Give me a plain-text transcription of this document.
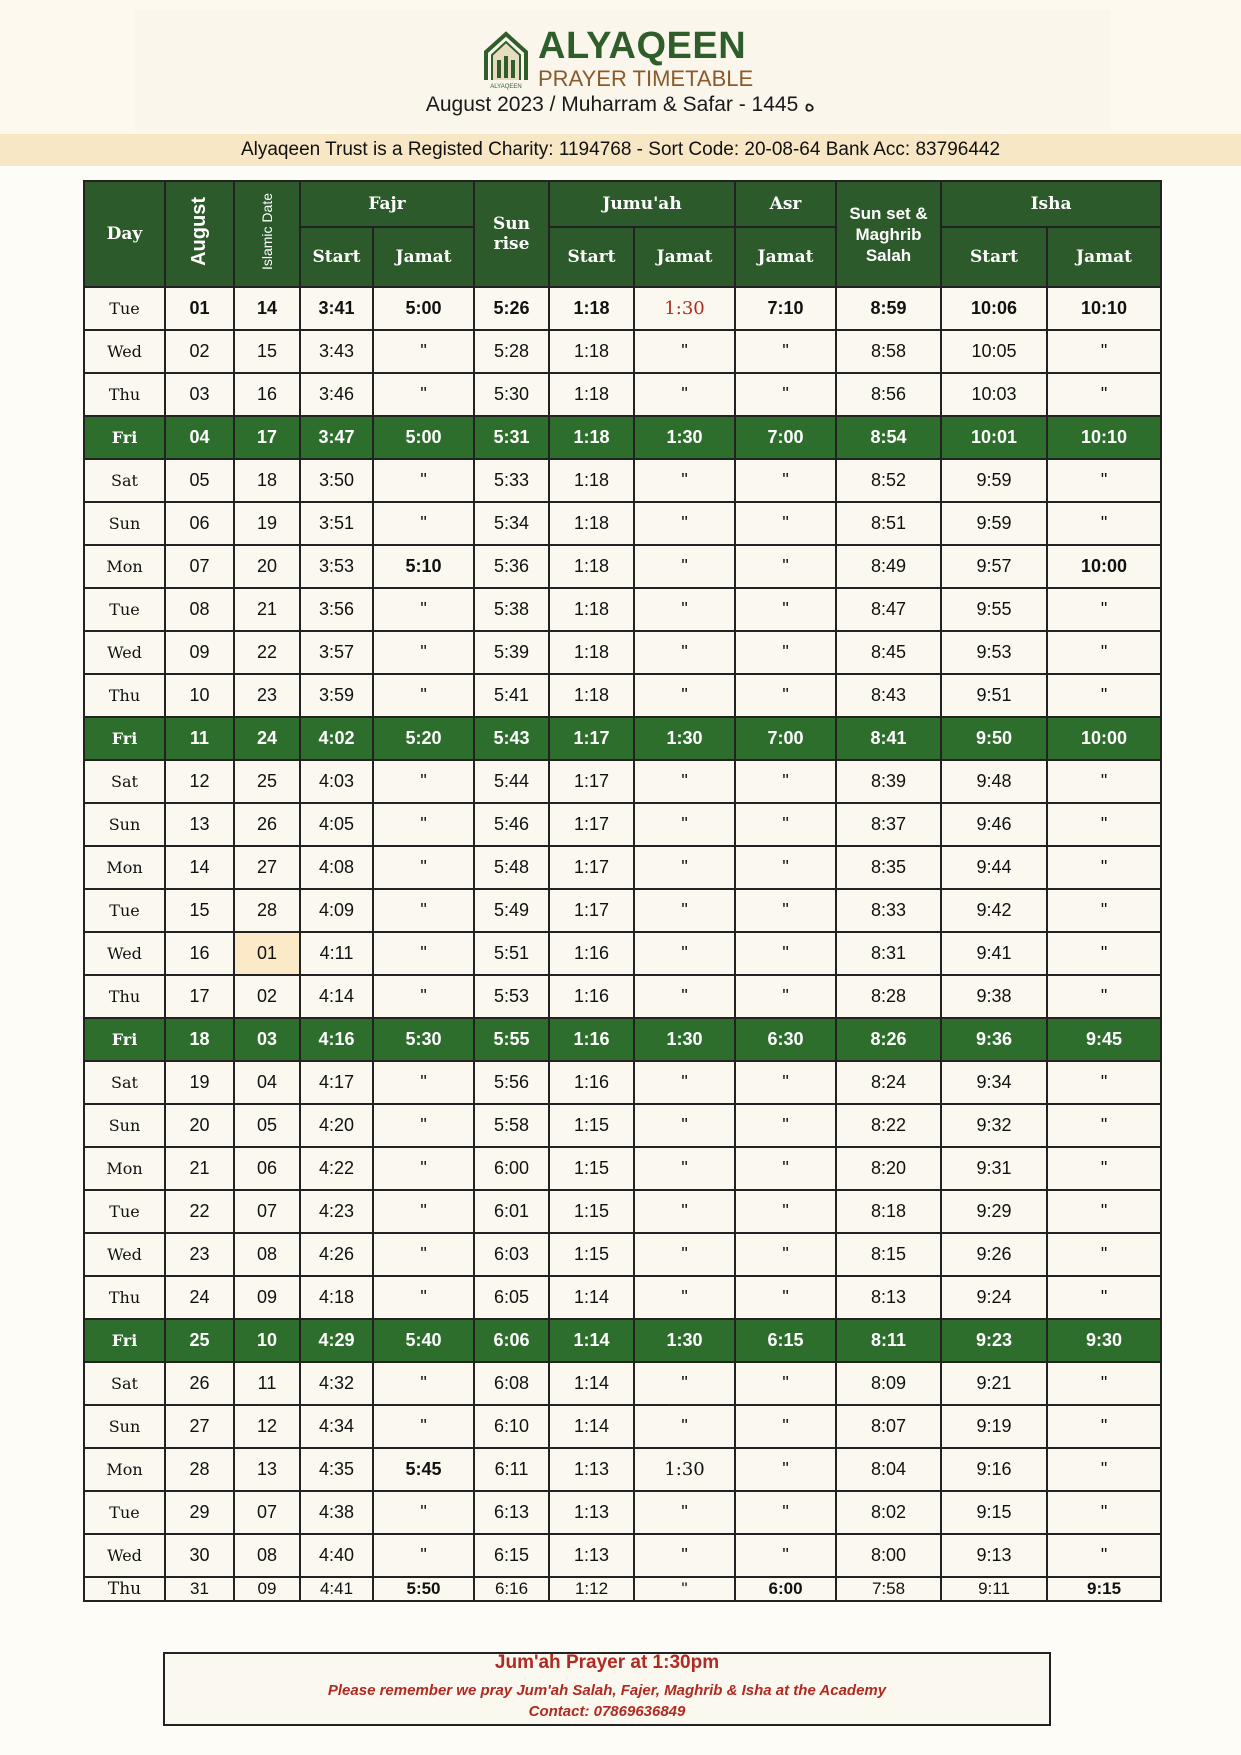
ALYAQEEN
ALYAQEEN
PRAYER TIMETABLE
August 2023 / Muharram & Safar - 1445 ه
Alyaqeen Trust is a Registed Charity: 1194768 - Sort Code: 20-08-64 Bank Acc: 83796442
Day	August	Islamic Date	Fajr		Sun rise	Jumu'ah		Asr	Sun set & Maghrib Salah	Isha	
			Start	Jamat		Start	Jamat	Jamat		Start	Jamat
Tue	01	14	3:41	5:00	5:26	1:18	1:30	7:10	8:59	10:06	10:10
Wed	02	15	3:43	"	5:28	1:18	"	"	8:58	10:05	"
Thu	03	16	3:46	"	5:30	1:18	"	"	8:56	10:03	"
Fri	04	17	3:47	5:00	5:31	1:18	1:30	7:00	8:54	10:01	10:10
Sat	05	18	3:50	"	5:33	1:18	"	"	8:52	9:59	"
Sun	06	19	3:51	"	5:34	1:18	"	"	8:51	9:59	"
Mon	07	20	3:53	5:10	5:36	1:18	"	"	8:49	9:57	10:00
Tue	08	21	3:56	"	5:38	1:18	"	"	8:47	9:55	"
Wed	09	22	3:57	"	5:39	1:18	"	"	8:45	9:53	"
Thu	10	23	3:59	"	5:41	1:18	"	"	8:43	9:51	"
Fri	11	24	4:02	5:20	5:43	1:17	1:30	7:00	8:41	9:50	10:00
Sat	12	25	4:03	"	5:44	1:17	"	"	8:39	9:48	"
Sun	13	26	4:05	"	5:46	1:17	"	"	8:37	9:46	"
Mon	14	27	4:08	"	5:48	1:17	"	"	8:35	9:44	"
Tue	15	28	4:09	"	5:49	1:17	"	"	8:33	9:42	"
Wed	16	01	4:11	"	5:51	1:16	"	"	8:31	9:41	"
Thu	17	02	4:14	"	5:53	1:16	"	"	8:28	9:38	"
Fri	18	03	4:16	5:30	5:55	1:16	1:30	6:30	8:26	9:36	9:45
Sat	19	04	4:17	"	5:56	1:16	"	"	8:24	9:34	"
Sun	20	05	4:20	"	5:58	1:15	"	"	8:22	9:32	"
Mon	21	06	4:22	"	6:00	1:15	"	"	8:20	9:31	"
Tue	22	07	4:23	"	6:01	1:15	"	"	8:18	9:29	"
Wed	23	08	4:26	"	6:03	1:15	"	"	8:15	9:26	"
Thu	24	09	4:18	"	6:05	1:14	"	"	8:13	9:24	"
Fri	25	10	4:29	5:40	6:06	1:14	1:30	6:15	8:11	9:23	9:30
Sat	26	11	4:32	"	6:08	1:14	"	"	8:09	9:21	"
Sun	27	12	4:34	"	6:10	1:14	"	"	8:07	9:19	"
Mon	28	13	4:35	5:45	6:11	1:13	1:30	"	8:04	9:16	"
Tue	29	07	4:38	"	6:13	1:13	"	"	8:02	9:15	"
Wed	30	08	4:40	"	6:15	1:13	"	"	8:00	9:13	"
Thu	31	09	4:41	5:50	6:16	1:12	"	6:00	7:58	9:11	9:15
Jum'ah Prayer at 1:30pm
Please remember we pray Jum'ah Salah, Fajer, Maghrib & Isha at the Academy
Contact: 07869636849
